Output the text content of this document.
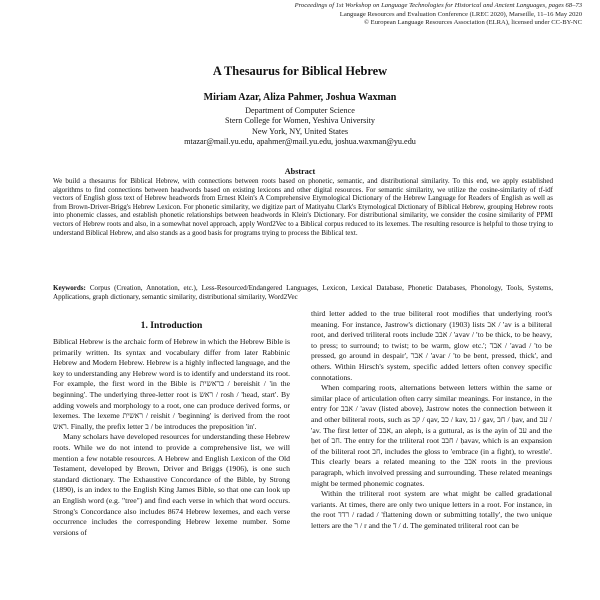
Proceedings of 1st Workshop on Language Technologies for Historical and Ancient Languages, pages 68–73
Language Resources and Evaluation Conference (LREC 2020), Marseille, 11–16 May 2020
© European Language Resources Association (ELRA), licensed under CC-BY-NC
A Thesaurus for Biblical Hebrew
Miriam Azar, Aliza Pahmer, Joshua Waxman
Department of Computer Science
Stern College for Women, Yeshiva University
New York, NY, United States
mtazar@mail.yu.edu, apahmer@mail.yu.edu, joshua.waxman@yu.edu
Abstract
We build a thesaurus for Biblical Hebrew, with connections between roots based on phonetic, semantic, and distributional similarity. To this end, we apply established algorithms to find connections between headwords based on existing lexicons and other digital resources. For semantic similarity, we utilize the cosine-similarity of tf-idf vectors of English gloss text of Hebrew headwords from Ernest Klein's A Comprehensive Etymological Dictionary of the Hebrew Language for Readers of English as well as from Brown-Driver-Brigg's Hebrew Lexicon. For phonetic similarity, we digitize part of Matityahu Clark's Etymological Dictionary of Biblical Hebrew, grouping Hebrew roots into phonemic classes, and establish phonetic relationships between headwords in Klein's Dictionary. For distributional similarity, we consider the cosine similarity of PPMI vectors of Hebrew roots and also, in a somewhat novel approach, apply Word2Vec to a Biblical corpus reduced to its lexemes. The resulting resource is helpful to those trying to understand Biblical Hebrew, and also stands as a good basis for programs trying to process the Biblical text.
Keywords: Corpus (Creation, Annotation, etc.), Less-Resourced/Endangered Languages, Lexicon, Lexical Database, Phonetic Databases, Phonology, Tools, Systems, Applications, graph dictionary, semantic similarity, distributional similarity, Word2Vec
1. Introduction

Biblical Hebrew is the archaic form of Hebrew in which the Hebrew Bible is primarily written. Its syntax and vocabulary differ from later Rabbinic Hebrew and Modern Hebrew. Hebrew is a highly inflected language, and the key to understanding any Hebrew word is to identify and understand its root. For example, the first word in the Bible is בראשית / bereishit / 'in the beginning'. The underlying three-letter root is ראש / rosh / 'head, start'. By adding vowels and morphology to a root, one can produce derived forms, or lexemes. The lexeme ראשית / reishit / 'beginning' is derived from the root ראש. Finally, the prefix letter ב / be introduces the preposition 'in'.

Many scholars have developed resources for understanding these Hebrew roots. While we do not intend to provide a comprehensive list, we will mention a few notable resources. A Hebrew and English Lexicon of the Old Testament, developed by Brown, Driver and Briggs (1906), is one such standard dictionary. The Exhaustive Concordance of the Bible, by Strong (1890), is an index to the English King James Bible, so that one can look up an English word (e.g. "tree") and find each verse in which that word occurs. Strong's Concordance also includes 8674 Hebrew lexemes, and each verse occurrence includes the corresponding Hebrew lexeme number. Some versions of

third letter added to the true biliteral root modifies that underlying root's meaning. For instance, Jastrow's dictionary (1903) lists אב / 'av is a biliteral root, and derived triliteral roots include אבב / 'avav / 'to be thick, to be heavy, to press; to surround; to twist; to be warm, glow etc.'; אבד / 'avad / 'to be pressed, go around in despair', אבר / 'avar / 'to be bent, pressed, thick', and others. Within Hirsch's system, specific added letters often convey specific connotations.

When comparing roots, alternations between letters within the same or similar place of articulation often carry similar meanings. For instance, in the entry for אבב / 'avav (listed above), Jastrow notes the connection between it and other biliteral roots, such as קב / qav, כב / kav, גב / gav, חב / ḥav, and עב / 'av. The first letter of אבב, an aleph, is a guttural, as is the ayin of עב and the ḥet of חב. The entry for the triliteral root חבב / ḥavav, which is an expansion of the biliteral root חב, includes the gloss to 'embrace (in a fight), to wrestle'. This clearly bears a related meaning to the אבב roots in the previous paragraph, which involved pressing and surrounding. These related meanings might be termed phonemic cognates.

Within the triliteral root system are what might be called gradational variants. At times, there are only two unique letters in a root. For instance, in the root רדד / radad / 'flattening down or submitting totally', the two unique letters are the ר / r and the ד / d. The geminated triliteral root can be
